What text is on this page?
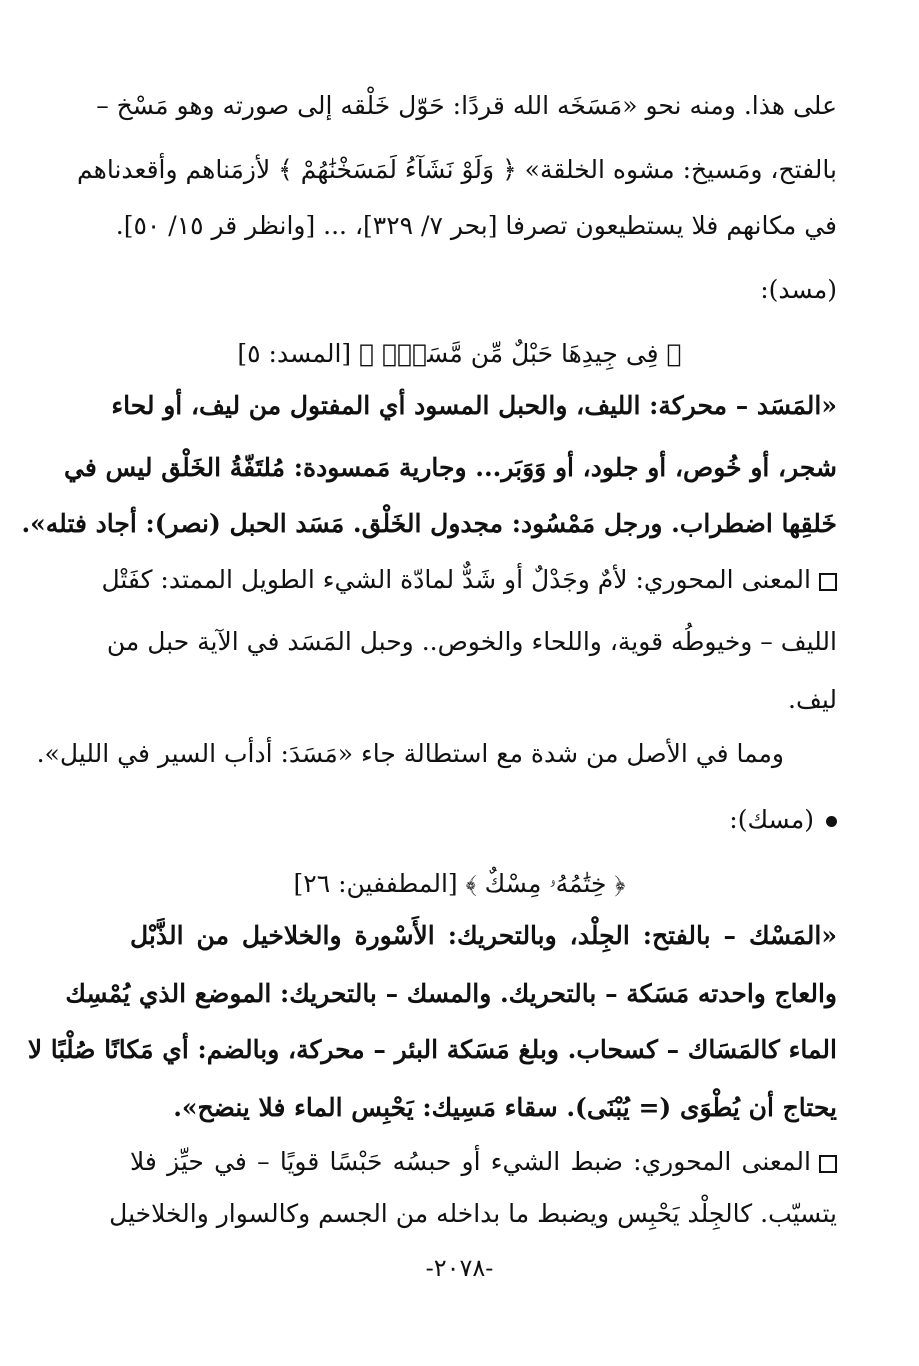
على هذا. ومنه نحو «مَسَخَه الله قردًا: حَوّل خَلْقه إلى صورته وهو مَسْخ –
بالفتح، ومَسيخ: مشوه الخلقة» ﴿ وَلَوْ نَشَآءُ لَمَسَخْنَٰهُمْ ﴾ لأزمَناهم وأقعدناهم
في مكانهم فلا يستطيعون تصرفا [بحر ٧/ ٣٢٩]، ... [وانظر قر ١٥/ ٥٠].
(مسد):
﴿ فِى جِيدِهَا حَبْلٌ مِّن مَّسَدٍۭ ﴾ [المسد: ٥]
«المَسَد – محركة: الليف، والحبل المسود أي المفتول من ليف، أو لحاء
شجر، أو خُوص، أو جلود، أو وَوَبَر... وجارية مَمسودة: مُلتَفّةُ الخَلْق ليس في
خَلقِها اضطراب. ورجل مَمْسُود: مجدول الخَلْق. مَسَد الحبل (نصر): أجاد فتله».
المعنى المحوري: لأمٌ وجَدْلٌ أو شَدٌّ لمادّة الشيء الطويل الممتد: كفَتْل
الليف – وخيوطُه قوية، واللحاء والخوص.. وحبل المَسَد في الآية حبل من
ليف.
ومما في الأصل من شدة مع استطالة جاء «مَسَدَ: أدأب السير في الليل».
(مسك):
﴿ خِتَٰمُهُۥ مِسْكٌ ﴾ [المطففين: ٢٦]
«المَسْك – بالفتح: الجِلْد، وبالتحريك: الأَسْورة والخلاخيل من الذَّبْل
والعاج واحدته مَسَكة – بالتحريك. والمسك – بالتحريك: الموضع الذي يُمْسِك
الماء كالمَسَاك – كسحاب. وبلغ مَسَكة البئر – محركة، وبالضم: أي مَكانًا صُلْبًا لا
يحتاج أن يُطْوَى (= يُبْنَى). سقاء مَسِيك: يَحْبِس الماء فلا ينضح».
المعنى المحوري: ضبط الشيء أو حبسُه حَبْسًا قويًا – في حيِّز فلا
يتسيّب. كالجِلْد يَحْبِس ويضبط ما بداخله من الجسم وكالسوار والخلاخيل
-٢٠٧٨-
